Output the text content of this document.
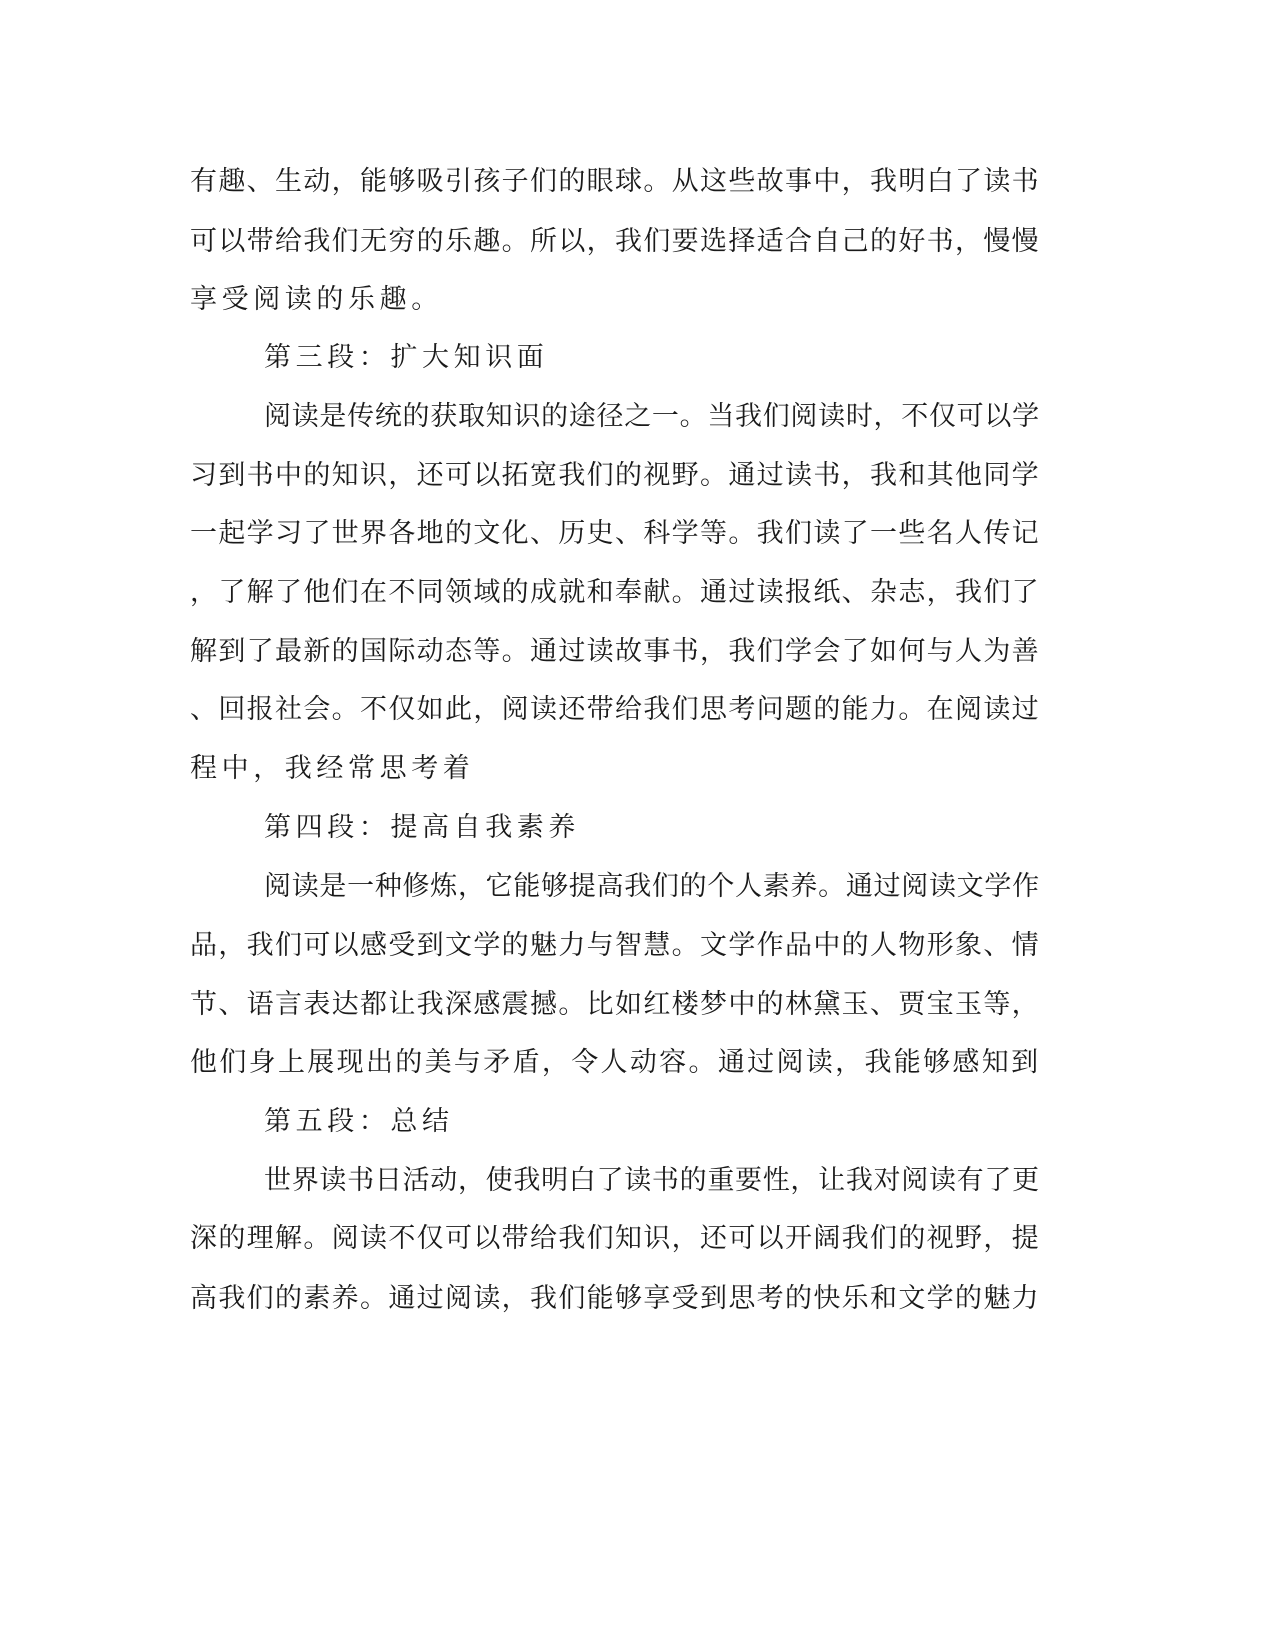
有趣、生动，能够吸引孩子们的眼球。从这些故事中，我明白了读书
可以带给我们无穷的乐趣。所以，我们要选择适合自己的好书，慢慢
享受阅读的乐趣。
第三段：扩大知识面
阅读是传统的获取知识的途径之一。当我们阅读时，不仅可以学
习到书中的知识，还可以拓宽我们的视野。通过读书，我和其他同学
一起学习了世界各地的文化、历史、科学等。我们读了一些名人传记
，了解了他们在不同领域的成就和奉献。通过读报纸、杂志，我们了
解到了最新的国际动态等。通过读故事书，我们学会了如何与人为善
、回报社会。不仅如此，阅读还带给我们思考问题的能力。在阅读过
程中，我经常思考着
第四段：提高自我素养
阅读是一种修炼，它能够提高我们的个人素养。通过阅读文学作
品，我们可以感受到文学的魅力与智慧。文学作品中的人物形象、情
节、语言表达都让我深感震撼。比如红楼梦中的林黛玉、贾宝玉等，
他们身上展现出的美与矛盾，令人动容。通过阅读，我能够感知到
第五段：总结
世界读书日活动，使我明白了读书的重要性，让我对阅读有了更
深的理解。阅读不仅可以带给我们知识，还可以开阔我们的视野，提
高我们的素养。通过阅读，我们能够享受到思考的快乐和文学的魅力
